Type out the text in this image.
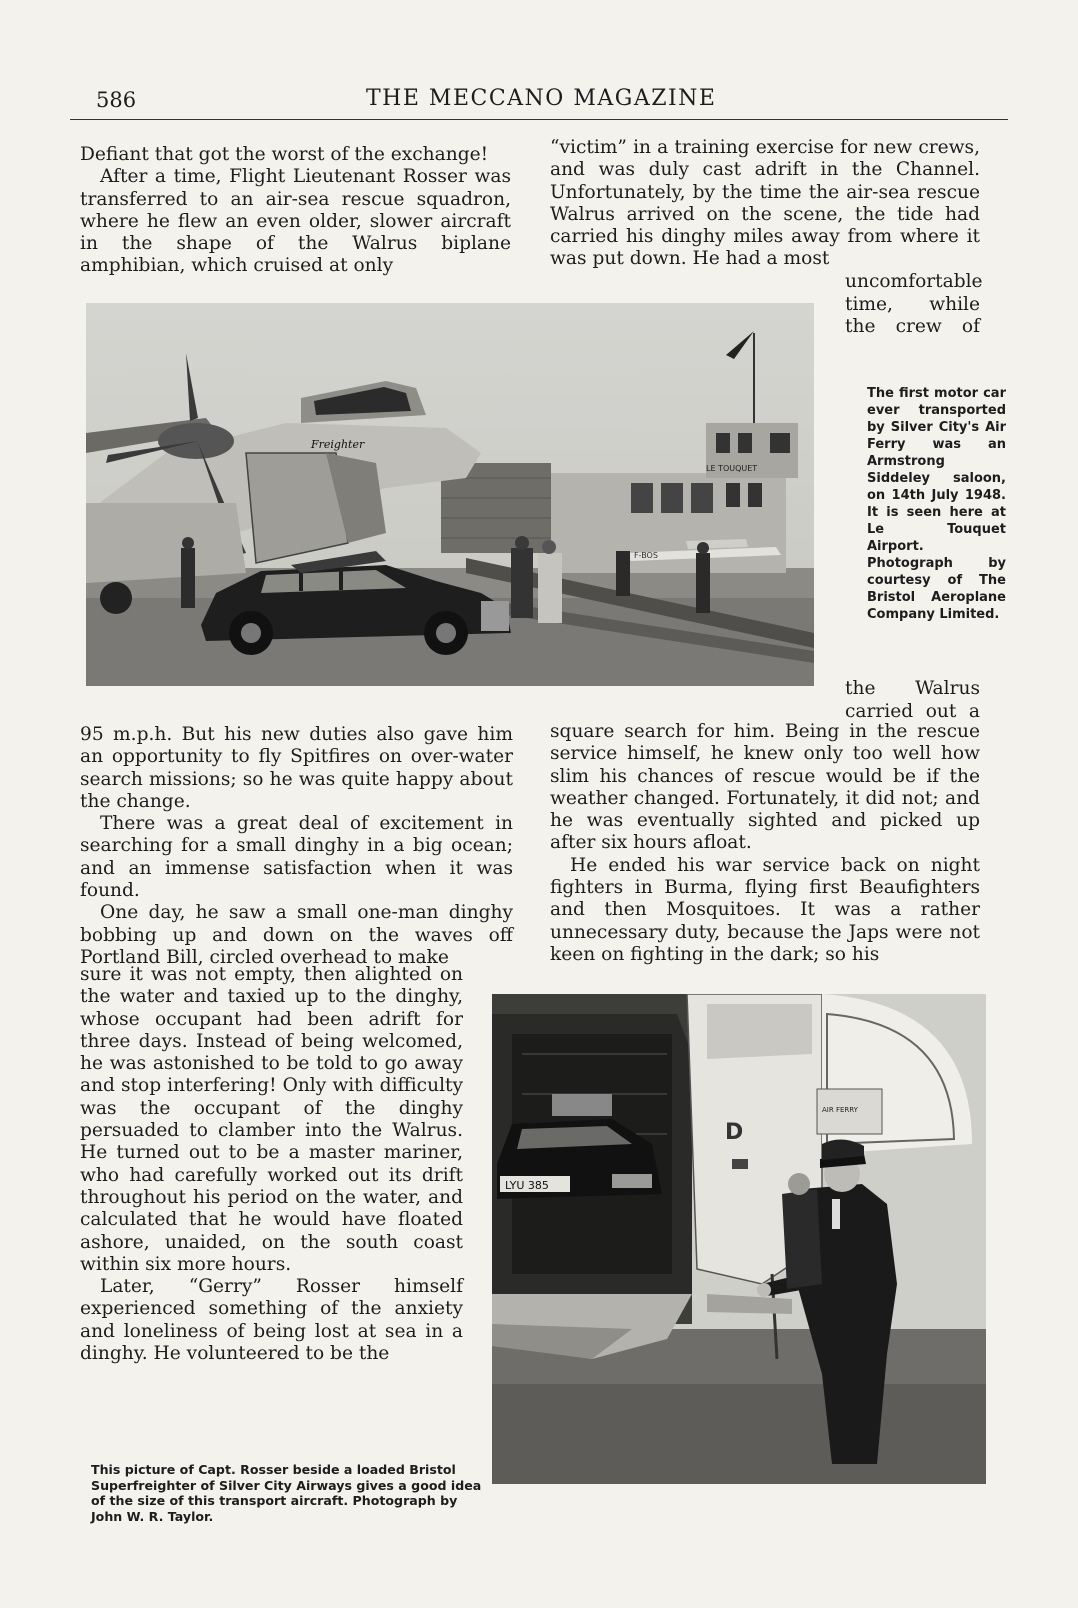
586	THE MECCANO MAGAZINE

Defiant that got the worst of the exchange!

After a time, Flight Lieutenant Rosser was transferred to an air-sea rescue squadron, where he flew an even older, slower aircraft in the shape of the Walrus biplane amphibian, which cruised at only

“victim” in a training exercise for new crews, and was duly cast adrift in the Channel. Unfortunately, by the time the air-sea rescue Walrus arrived on the scene, the tide had carried his dinghy miles away from where it was put down. He had a most

uncomfortable time, while the crew of

LE TOUQUET
F-BOS
Freighter
The first motor car ever transported by Silver City's Air Ferry was an Armstrong Siddeley saloon, on 14th July 1948. It is seen here at Le Touquet Airport. Photograph by courtesy of The Bristol Aeroplane Company Limited.

the Walrus carried out a

95 m.p.h. But his new duties also gave him an opportunity to fly Spitfires on over-water search missions; so he was quite happy about the change.

There was a great deal of excitement in searching for a small dinghy in a big ocean; and an immense satisfaction when it was found.

One day, he saw a small one-man dinghy bobbing up and down on the waves off Portland Bill, circled overhead to make

square search for him. Being in the rescue service himself, he knew only too well how slim his chances of rescue would be if the weather changed. Fortunately, it did not; and he was eventually sighted and picked up after six hours afloat.

He ended his war service back on night fighters in Burma, flying first Beaufighters and then Mosquitoes. It was a rather unnecessary duty, because the Japs were not keen on fighting in the dark; so his

sure it was not empty, then alighted on the water and taxied up to the dinghy, whose occupant had been adrift for three days. Instead of being welcomed, he was astonished to be told to go away and stop interfering! Only with difficulty was the occupant of the dinghy persuaded to clamber into the Walrus. He turned out to be a master mariner, who had carefully worked out its drift throughout his period on the water, and calculated that he would have floated ashore, unaided, on the south coast within six more hours.

Later, “Gerry” Rosser himself experienced something of the anxiety and loneliness of being lost at sea in a dinghy. He volunteered to be the

LYU 385
D
AIR FERRY
This picture of Capt. Rosser beside a loaded Bristol Superfreighter of Silver City Airways gives a good idea of the size of this transport aircraft. Photograph by John W. R. Taylor.
